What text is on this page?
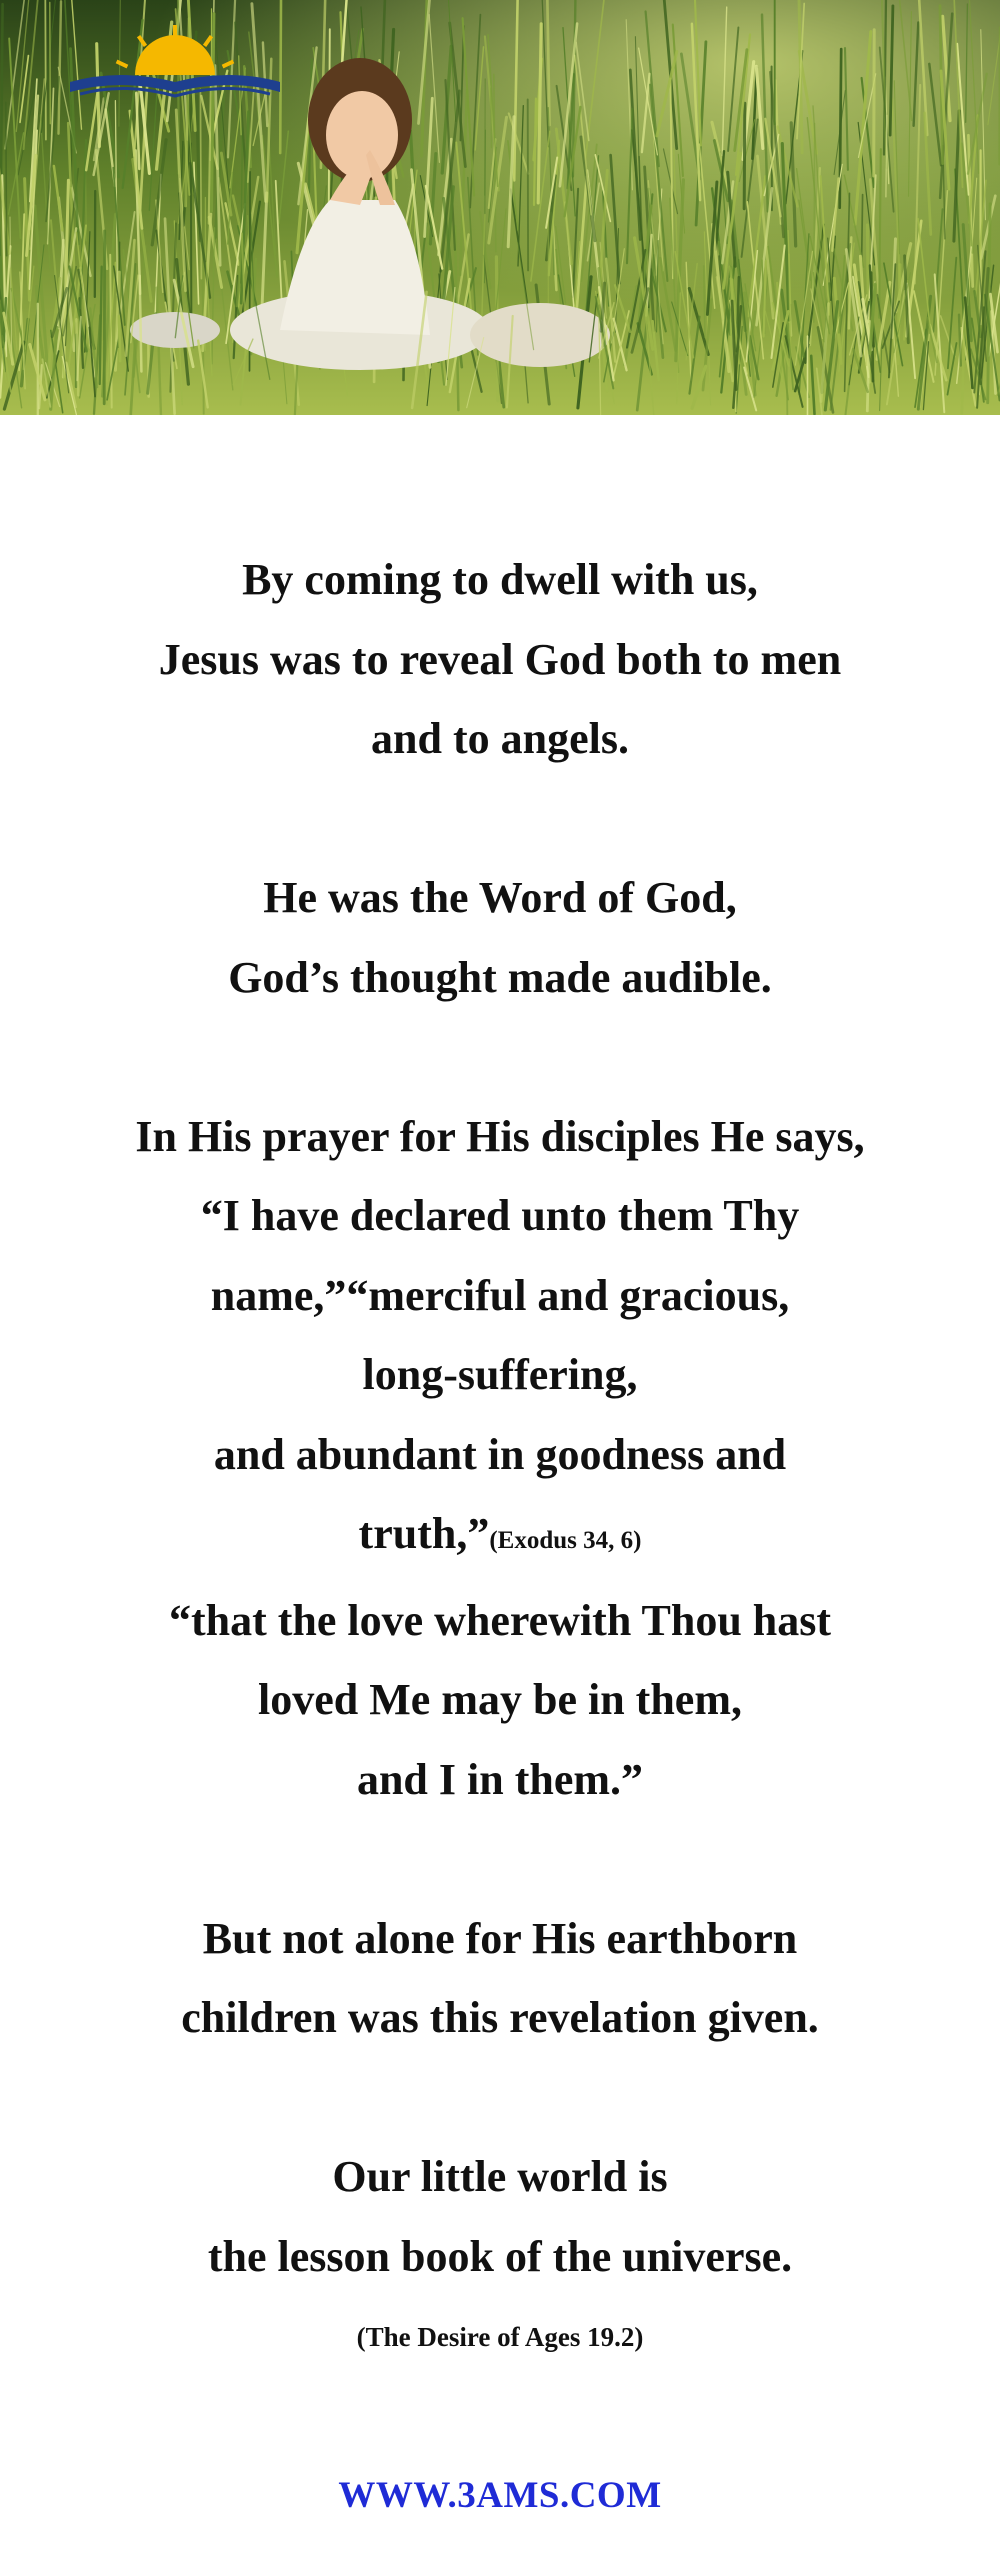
By coming to dwell with us,
Jesus was to reveal God both to men
and to angels.
He was the Word of God,
God’s thought made audible.
In His prayer for His disciples He says,
“I have declared unto them Thy
name,”“merciful and gracious,
long-suffering,
and abundant in goodness and
truth,”(Exodus 34, 6)
“that the love wherewith Thou hast
loved Me may be in them,
and I in them.”
But not alone for His earthborn
children was this revelation given.
Our little world is
the lesson book of the universe.
(The Desire of Ages 19.2)
WWW.3AMS.COM
